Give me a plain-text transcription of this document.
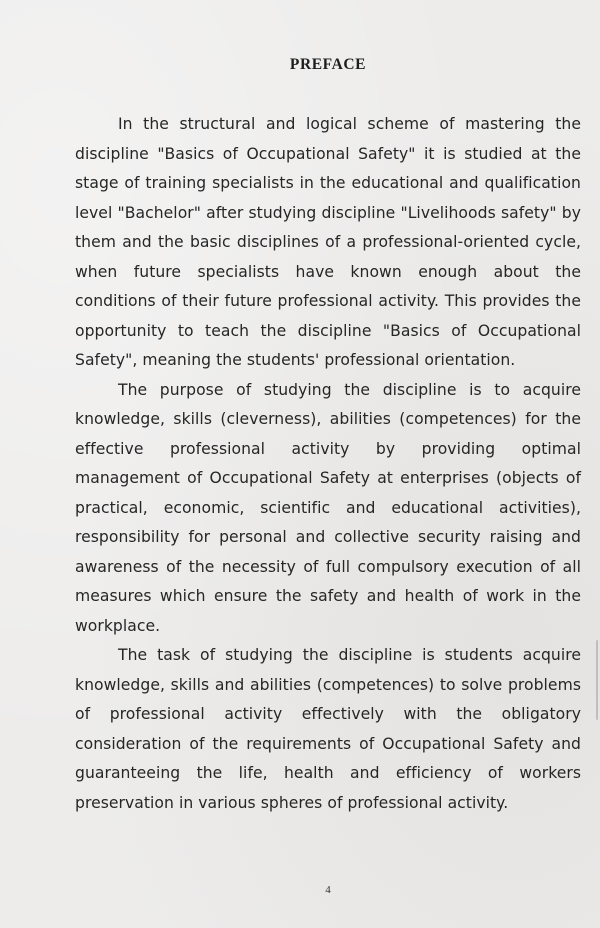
PREFACE

In the structural and logical scheme of mastering the discipline "Basics of Occupational Safety" it is studied at the stage of training specialists in the educational and qualification level "Bachelor" after studying discipline "Livelihoods safety" by them and the basic disciplines of a professional-oriented cycle, when future specialists have known enough about the conditions of their future professional activity. This provides the opportunity to teach the discipline "Basics of Occupational Safety", meaning the students' professional orientation.

The purpose of studying the discipline is to acquire knowledge, skills (cleverness), abilities (competences) for the effective professional activity by providing optimal management of Occupational Safety at enterprises (objects of practical, economic, scientific and educational activities), responsibility for personal and collective security raising and awareness of the necessity of full compulsory execution of all measures which ensure the safety and health of work in the workplace.

The task of studying the discipline is students acquire knowledge, skills and abilities (competences) to solve problems of professional activity effectively with the obligatory consideration of the requirements of Occupational Safety and guaranteeing the life, health and efficiency of workers preservation in various spheres of professional activity.

4
